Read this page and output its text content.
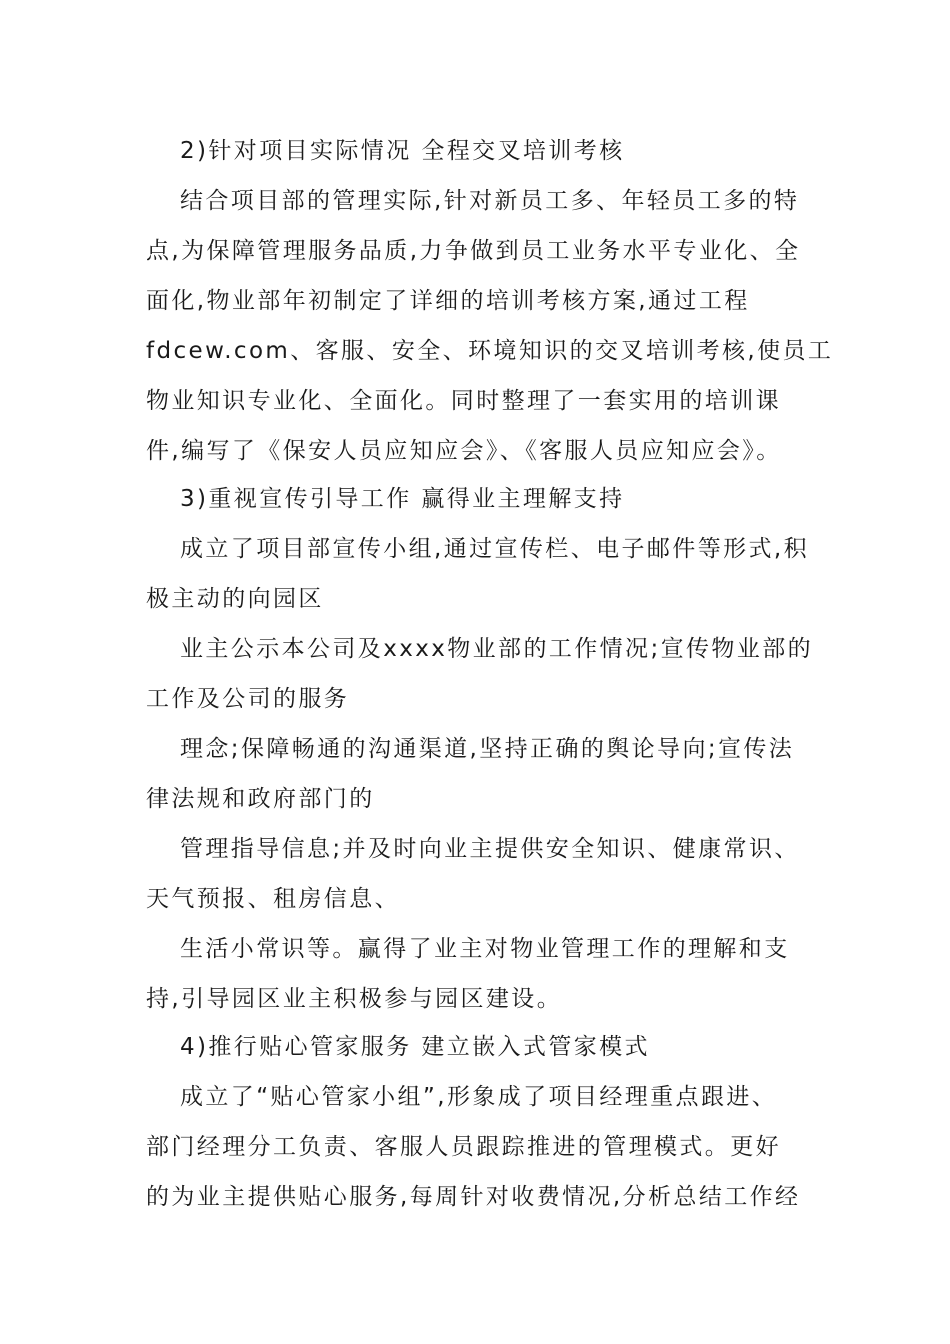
2)针对项目实际情况 全程交叉培训考核
结合项目部的管理实际,针对新员工多、年轻员工多的特
点,为保障管理服务品质,力争做到员工业务水平专业化、全
面化,物业部年初制定了详细的培训考核方案,通过工程
fdcew.com、客服、安全、环境知识的交叉培训考核,使员工
物业知识专业化、全面化。同时整理了一套实用的培训课
件,编写了《保安人员应知应会》、《客服人员应知应会》。
3)重视宣传引导工作 赢得业主理解支持
成立了项目部宣传小组,通过宣传栏、电子邮件等形式,积
极主动的向园区
业主公示本公司及xxxx物业部的工作情况;宣传物业部的
工作及公司的服务
理念;保障畅通的沟通渠道,坚持正确的舆论导向;宣传法
律法规和政府部门的
管理指导信息;并及时向业主提供安全知识、健康常识、
天气预报、租房信息、
生活小常识等。赢得了业主对物业管理工作的理解和支
持,引导园区业主积极参与园区建设。
4)推行贴心管家服务 建立嵌入式管家模式
成立了“贴心管家小组”,形象成了项目经理重点跟进、
部门经理分工负责、客服人员跟踪推进的管理模式。更好
的为业主提供贴心服务,每周针对收费情况,分析总结工作经
